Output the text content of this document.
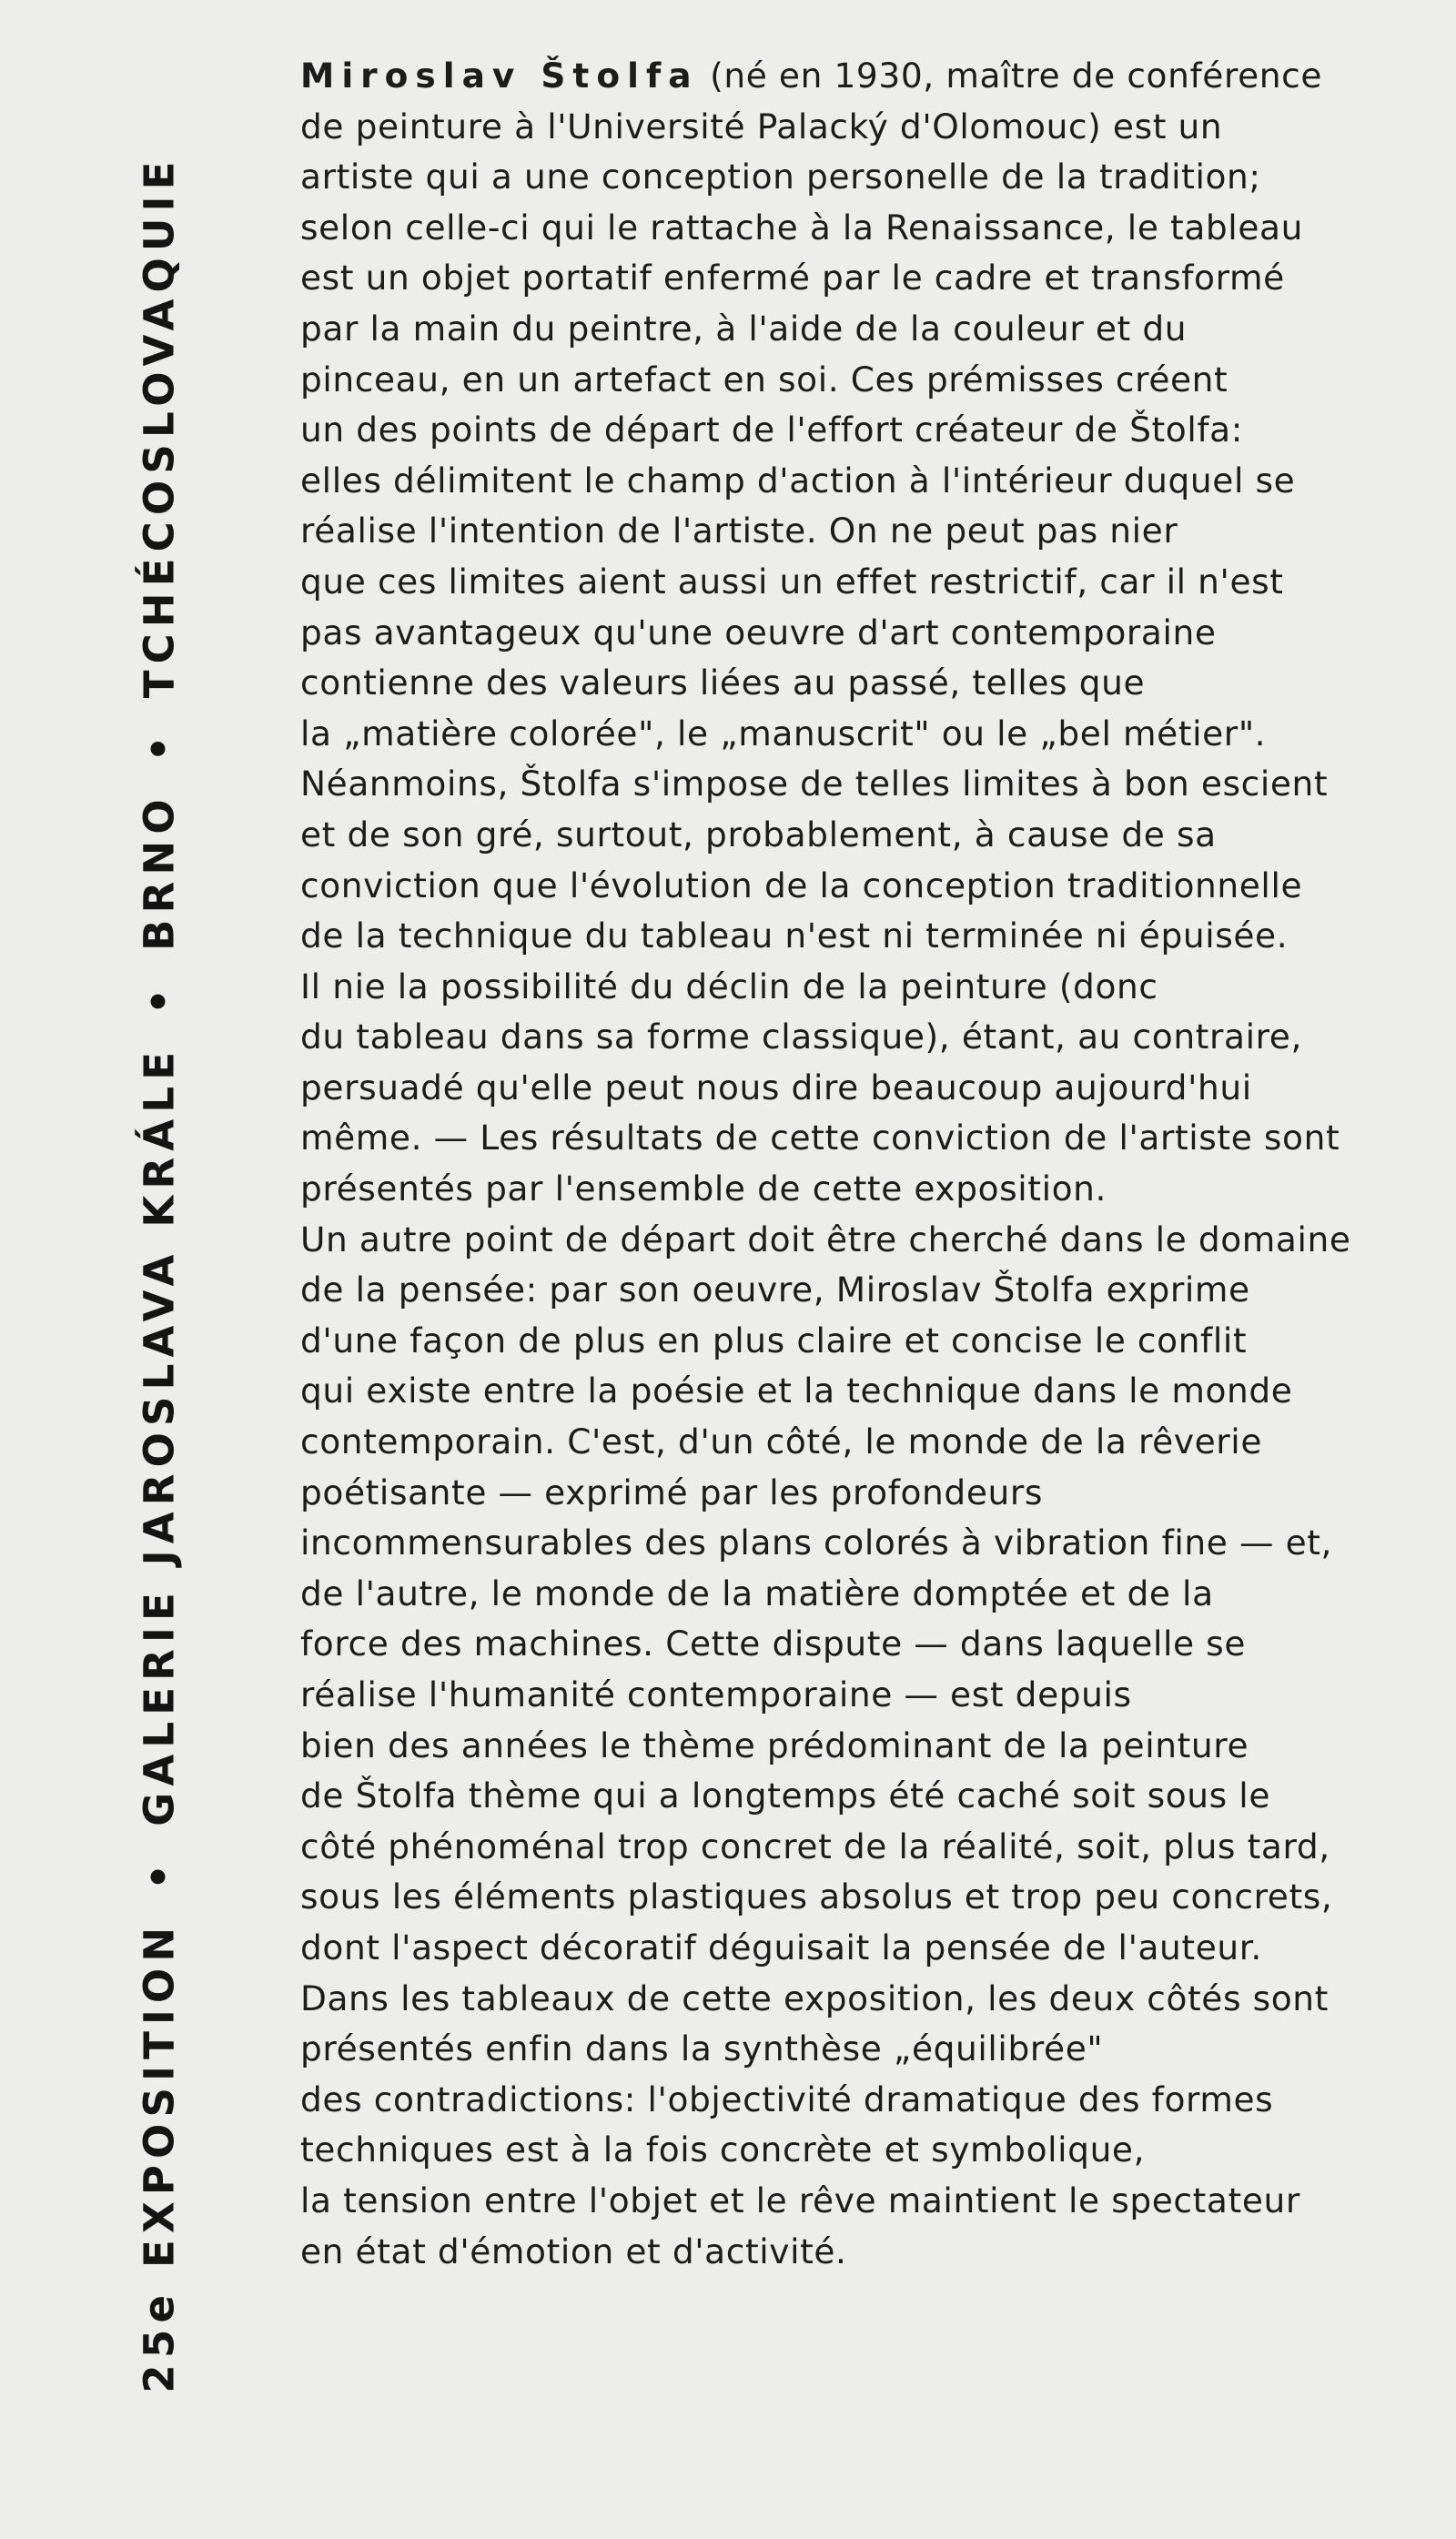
25e EXPOSITION•GALERIE JAROSLAVA KRÁLE•BRNO•TCHÉCOSLOVAQUIE
Miroslav Štolfa (né en 1930, maître de conférence
de peinture à l'Université Palacký d'Olomouc) est un
artiste qui a une conception personelle de la tradition;
selon celle-ci qui le rattache à la Renaissance, le tableau
est un objet portatif enfermé par le cadre et transformé
par la main du peintre, à l'aide de la couleur et du
pinceau, en un artefact en soi. Ces prémisses créent
un des points de départ de l'effort créateur de Štolfa:
elles délimitent le champ d'action à l'intérieur duquel se
réalise l'intention de l'artiste. On ne peut pas nier
que ces limites aient aussi un effet restrictif, car il n'est
pas avantageux qu'une oeuvre d'art contemporaine
contienne des valeurs liées au passé, telles que
la „matière colorée", le „manuscrit" ou le „bel métier".
Néanmoins, Štolfa s'impose de telles limites à bon escient
et de son gré, surtout, probablement, à cause de sa
conviction que l'évolution de la conception traditionnelle
de la technique du tableau n'est ni terminée ni épuisée.
Il nie la possibilité du déclin de la peinture (donc
du tableau dans sa forme classique), étant, au contraire,
persuadé qu'elle peut nous dire beaucoup aujourd'hui
même. — Les résultats de cette conviction de l'artiste sont
présentés par l'ensemble de cette exposition.
Un autre point de départ doit être cherché dans le domaine
de la pensée: par son oeuvre, Miroslav Štolfa exprime
d'une façon de plus en plus claire et concise le conflit
qui existe entre la poésie et la technique dans le monde
contemporain. C'est, d'un côté, le monde de la rêverie
poétisante — exprimé par les profondeurs
incommensurables des plans colorés à vibration fine — et,
de l'autre, le monde de la matière domptée et de la
force des machines. Cette dispute — dans laquelle se
réalise l'humanité contemporaine — est depuis
bien des années le thème prédominant de la peinture
de Štolfa thème qui a longtemps été caché soit sous le
côté phénoménal trop concret de la réalité, soit, plus tard,
sous les éléments plastiques absolus et trop peu concrets,
dont l'aspect décoratif déguisait la pensée de l'auteur.
Dans les tableaux de cette exposition, les deux côtés sont
présentés enfin dans la synthèse „équilibrée"
des contradictions: l'objectivité dramatique des formes
techniques est à la fois concrète et symbolique,
la tension entre l'objet et le rêve maintient le spectateur
en état d'émotion et d'activité.
